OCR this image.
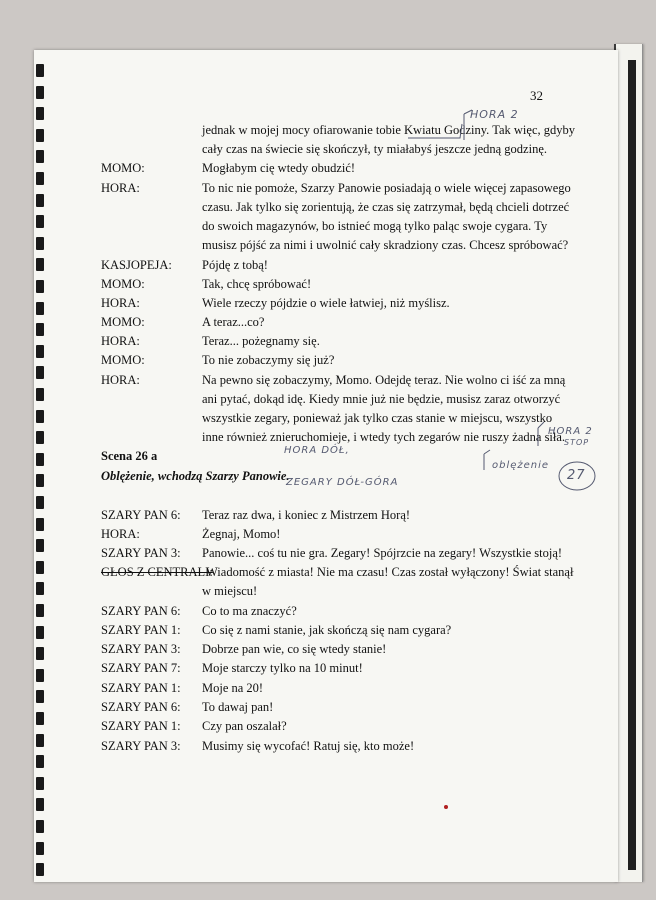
32
jednak w mojej mocy ofiarowanie tobie Kwiatu Godziny. Tak więc, gdyby
cały czas na świecie się skończył, ty miałabyś jeszcze jedną godzinę.
MOMO:	Mogłabym cię wtedy obudzić!
HORA:	To nic nie pomoże, Szarzy Panowie posiadają o wiele więcej zapasowego
czasu. Jak tylko się zorientują, że czas się zatrzymał, będą chcieli dotrzeć
do swoich magazynów, bo istnieć mogą tylko paląc swoje cygara. Ty
musisz pójść za nimi i uwolnić cały skradziony czas. Chcesz spróbować?
KASJOPEJA: Pójdę z tobą!
MOMO:	Tak, chcę spróbować!
HORA:	Wiele rzeczy pójdzie o wiele łatwiej, niż myślisz.
MOMO:	A teraz...co?
HORA:	Teraz... pożegnamy się.
MOMO:	To nie zobaczymy się już?
HORA:	Na pewno się zobaczymy, Momo. Odejdę teraz. Nie wolno ci iść za mną
ani pytać, dokąd idę. Kiedy mnie już nie będzie, musisz zaraz otworzyć
wszystkie zegary, ponieważ jak tylko czas stanie w miejscu, wszystko
inne również znieruchomieje, i wtedy tych zegarów nie ruszy żadna siła.
Scena 26 a
Oblężenie, wchodzą Szarzy Panowie.
SZARY PAN 6: Teraz raz dwa, i koniec z Mistrzem Horą!
HORA:	Żegnaj, Momo!
SZARY PAN 3: Panowie... coś tu nie gra. Zegary! Spójrzcie na zegary! Wszystkie stoją!
GŁOS Z CENTRALI:
Wiadomość z miasta! Nie ma czasu! Czas został wyłączony! Świat stanął
w miejscu!
SZARY PAN 6: Co to ma znaczyć?
SZARY PAN 1: Co się z nami stanie, jak skończą się nam cygara?
SZARY PAN 3: Dobrze pan wie, co się wtedy stanie!
SZARY PAN 7: Moje starczy tylko na 10 minut!
SZARY PAN 1: Moje na 20!
SZARY PAN 6: To dawaj pan!
SZARY PAN 1: Czy pan oszalał?
SZARY PAN 3: Musimy się wycofać! Ratuj się, kto może!
HORA 2
HORA 2
STOP
HORA DÓŁ,
oblężenie
27
ZEGARY DÓŁ-GÓRA
